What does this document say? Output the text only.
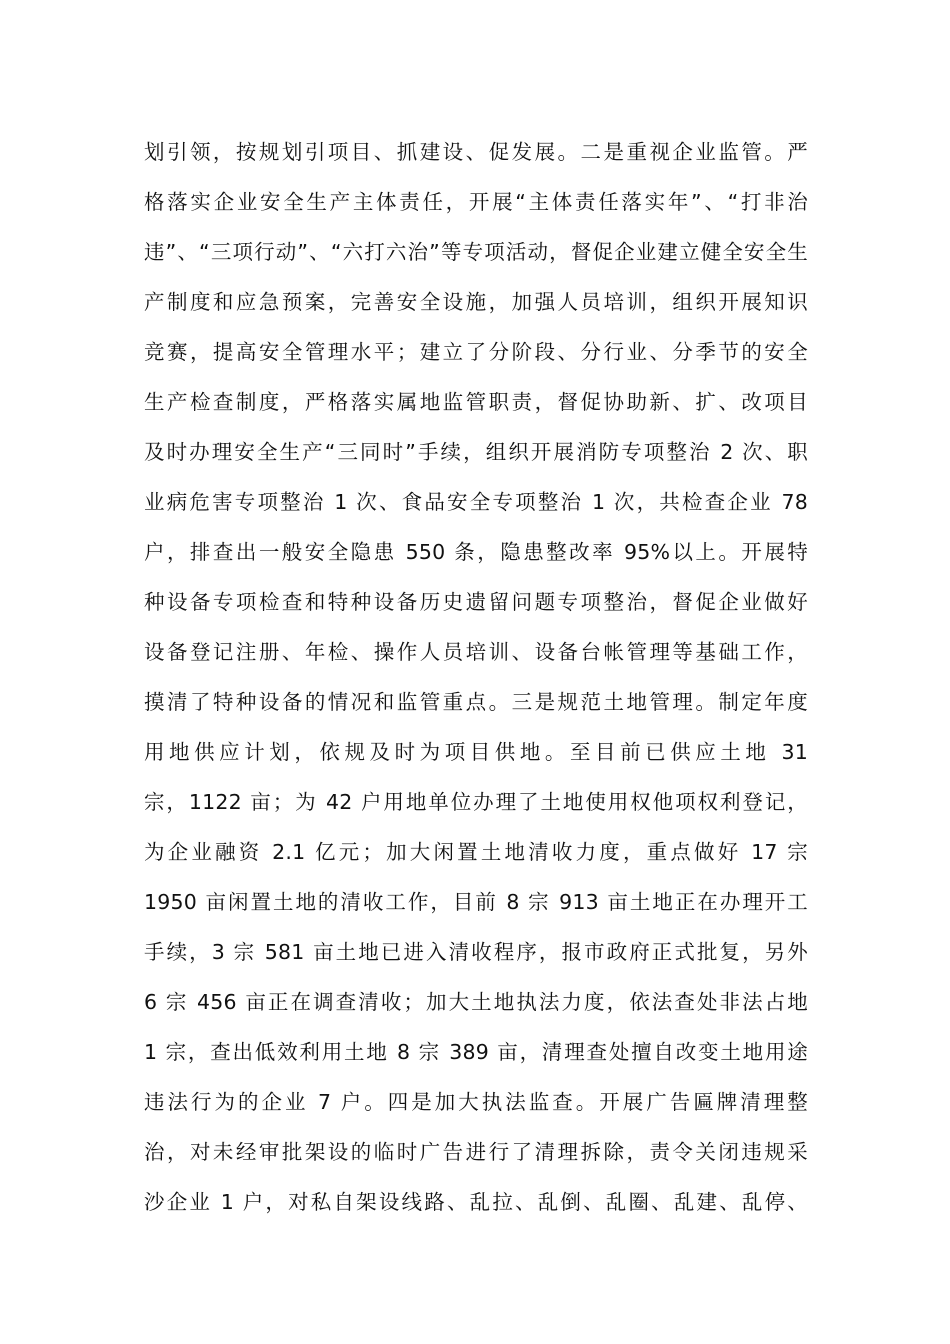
划引领，按规划引项目、抓建设、促发展。二是重视企业监管。严
格落实企业安全生产主体责任，开展“主体责任落实年”、“打非治
违”、“三项行动”、“六打六治”等专项活动，督促企业建立健全安全生
产制度和应急预案，完善安全设施，加强人员培训，组织开展知识
竞赛，提高安全管理水平；建立了分阶段、分行业、分季节的安全
生产检查制度，严格落实属地监管职责，督促协助新、扩、改项目
及时办理安全生产“三同时”手续，组织开展消防专项整治 2 次、职
业病危害专项整治 1 次、食品安全专项整治 1 次，共检查企业 78
户，排查出一般安全隐患 550 条，隐患整改率 95%以上。开展特
种设备专项检查和特种设备历史遗留问题专项整治，督促企业做好
设备登记注册、年检、操作人员培训、设备台帐管理等基础工作，
摸清了特种设备的情况和监管重点。三是规范土地管理。制定年度
用地供应计划，依规及时为项目供地。至目前已供应土地 31
宗，1122 亩；为 42 户用地单位办理了土地使用权他项权利登记，
为企业融资 2.1 亿元；加大闲置土地清收力度，重点做好 17 宗
1950 亩闲置土地的清收工作，目前 8 宗 913 亩土地正在办理开工
手续，3 宗 581 亩土地已进入清收程序，报市政府正式批复，另外
6 宗 456 亩正在调查清收；加大土地执法力度，依法查处非法占地
1 宗，查出低效利用土地 8 宗 389 亩，清理查处擅自改变土地用途
违法行为的企业 7 户。四是加大执法监查。开展广告匾牌清理整
治，对未经审批架设的临时广告进行了清理拆除，责令关闭违规采
沙企业 1 户，对私自架设线路、乱拉、乱倒、乱圈、乱建、乱停、
